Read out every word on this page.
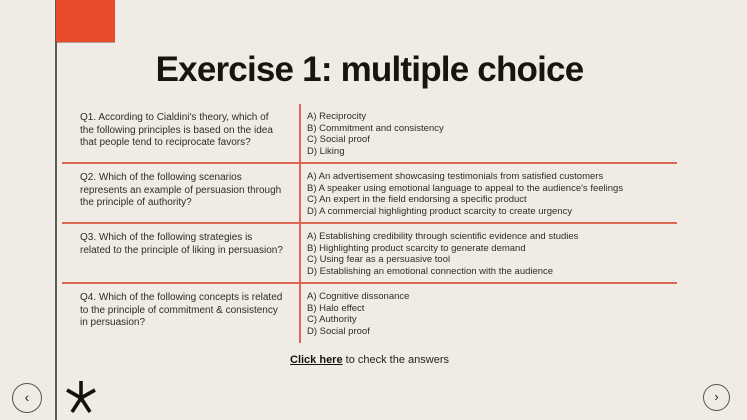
Exercise 1: multiple choice
Q1. According to Cialdini's theory, which of the following principles is based on the idea that people tend to reciprocate favors?
A) Reciprocity
B) Commitment and consistency
C) Social proof
D) Liking
Q2. Which of the following scenarios represents an example of persuasion through the principle of authority?
A) An advertisement showcasing testimonials from satisfied customers
B) A speaker using emotional language to appeal to the audience's feelings
C) An expert in the field endorsing a specific product
D) A commercial highlighting product scarcity to create urgency
Q3. Which of the following strategies is related to the principle of liking in persuasion?
A) Establishing credibility through scientific evidence and studies
B) Highlighting product scarcity to generate demand
C) Using fear as a persuasive tool
D) Establishing an emotional connection with the audience
Q4. Which of the following concepts is related to the principle of commitment & consistency in persuasion?
A) Cognitive dissonance
B) Halo effect
C) Authority
D) Social proof
Click here to check the answers
‹	›
